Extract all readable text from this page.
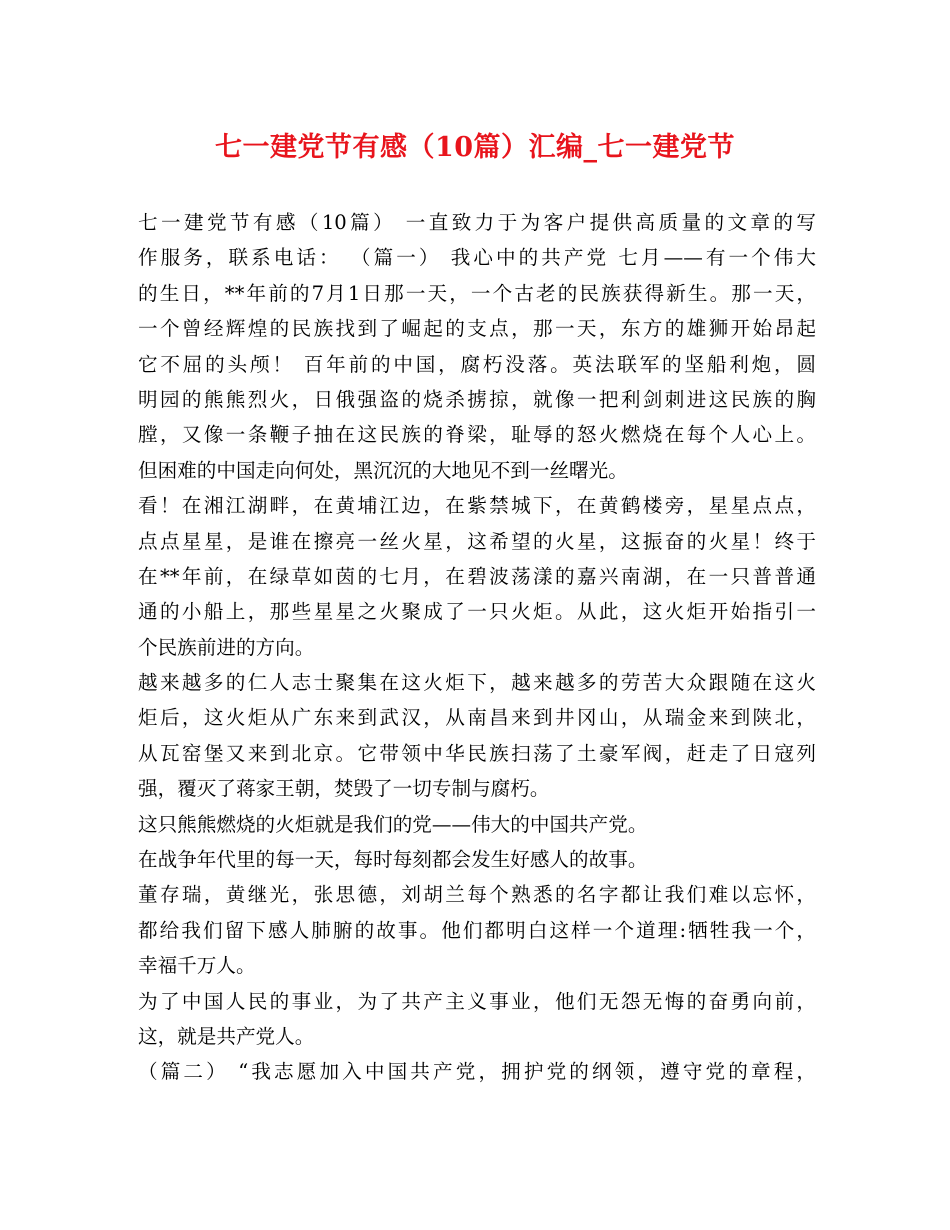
七一建党节有感（10篇）汇编_七一建党节
七一建党节有感（10篇） 一直致力于为客户提供高质量的文章的写
作服务，联系电话： （篇一） 我心中的共产党 七月——有一个伟大
的生日，**年前的7月1日那一天，一个古老的民族获得新生。那一天，
一个曾经辉煌的民族找到了崛起的支点，那一天，东方的雄狮开始昂起
它不屈的头颅！ 百年前的中国，腐朽没落。英法联军的坚船利炮，圆
明园的熊熊烈火，日俄强盗的烧杀掳掠，就像一把利剑刺进这民族的胸
膛，又像一条鞭子抽在这民族的脊梁，耻辱的怒火燃烧在每个人心上。
但困难的中国走向何处，黑沉沉的大地见不到一丝曙光。
看！在湘江湖畔，在黄埔江边，在紫禁城下，在黄鹤楼旁，星星点点，
点点星星，是谁在擦亮一丝火星，这希望的火星，这振奋的火星！终于
在**年前，在绿草如茵的七月，在碧波荡漾的嘉兴南湖，在一只普普通
通的小船上，那些星星之火聚成了一只火炬。从此，这火炬开始指引一
个民族前进的方向。
越来越多的仁人志士聚集在这火炬下，越来越多的劳苦大众跟随在这火
炬后，这火炬从广东来到武汉，从南昌来到井冈山，从瑞金来到陕北，
从瓦窑堡又来到北京。它带领中华民族扫荡了土豪军阀，赶走了日寇列
强，覆灭了蒋家王朝，焚毁了一切专制与腐朽。
这只熊熊燃烧的火炬就是我们的党——伟大的中国共产党。
在战争年代里的每一天，每时每刻都会发生好感人的故事。
董存瑞，黄继光，张思德，刘胡兰每个熟悉的名字都让我们难以忘怀，
都给我们留下感人肺腑的故事。他们都明白这样一个道理:牺牲我一个，
幸福千万人。
为了中国人民的事业，为了共产主义事业，他们无怨无悔的奋勇向前，
这，就是共产党人。
（篇二） “我志愿加入中国共产党，拥护党的纲领，遵守党的章程，
